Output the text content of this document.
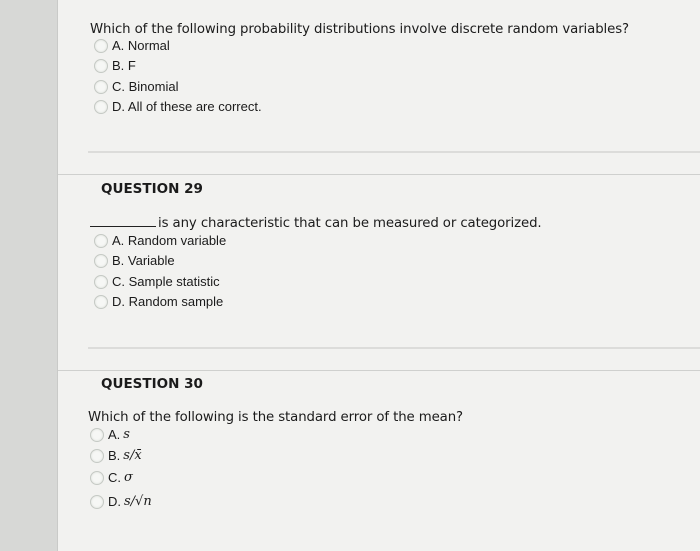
Which of the following probability distributions involve discrete random variables?
A. Normal
B. F
C. Binomial
D. All of these are correct.
QUESTION 29
is any characteristic that can be measured or categorized.
A. Random variable
B. Variable
C. Sample statistic
D. Random sample
QUESTION 30
Which of the following is the standard error of the mean?
A. s
B. s/x̄
C. σ
D. s/√n
